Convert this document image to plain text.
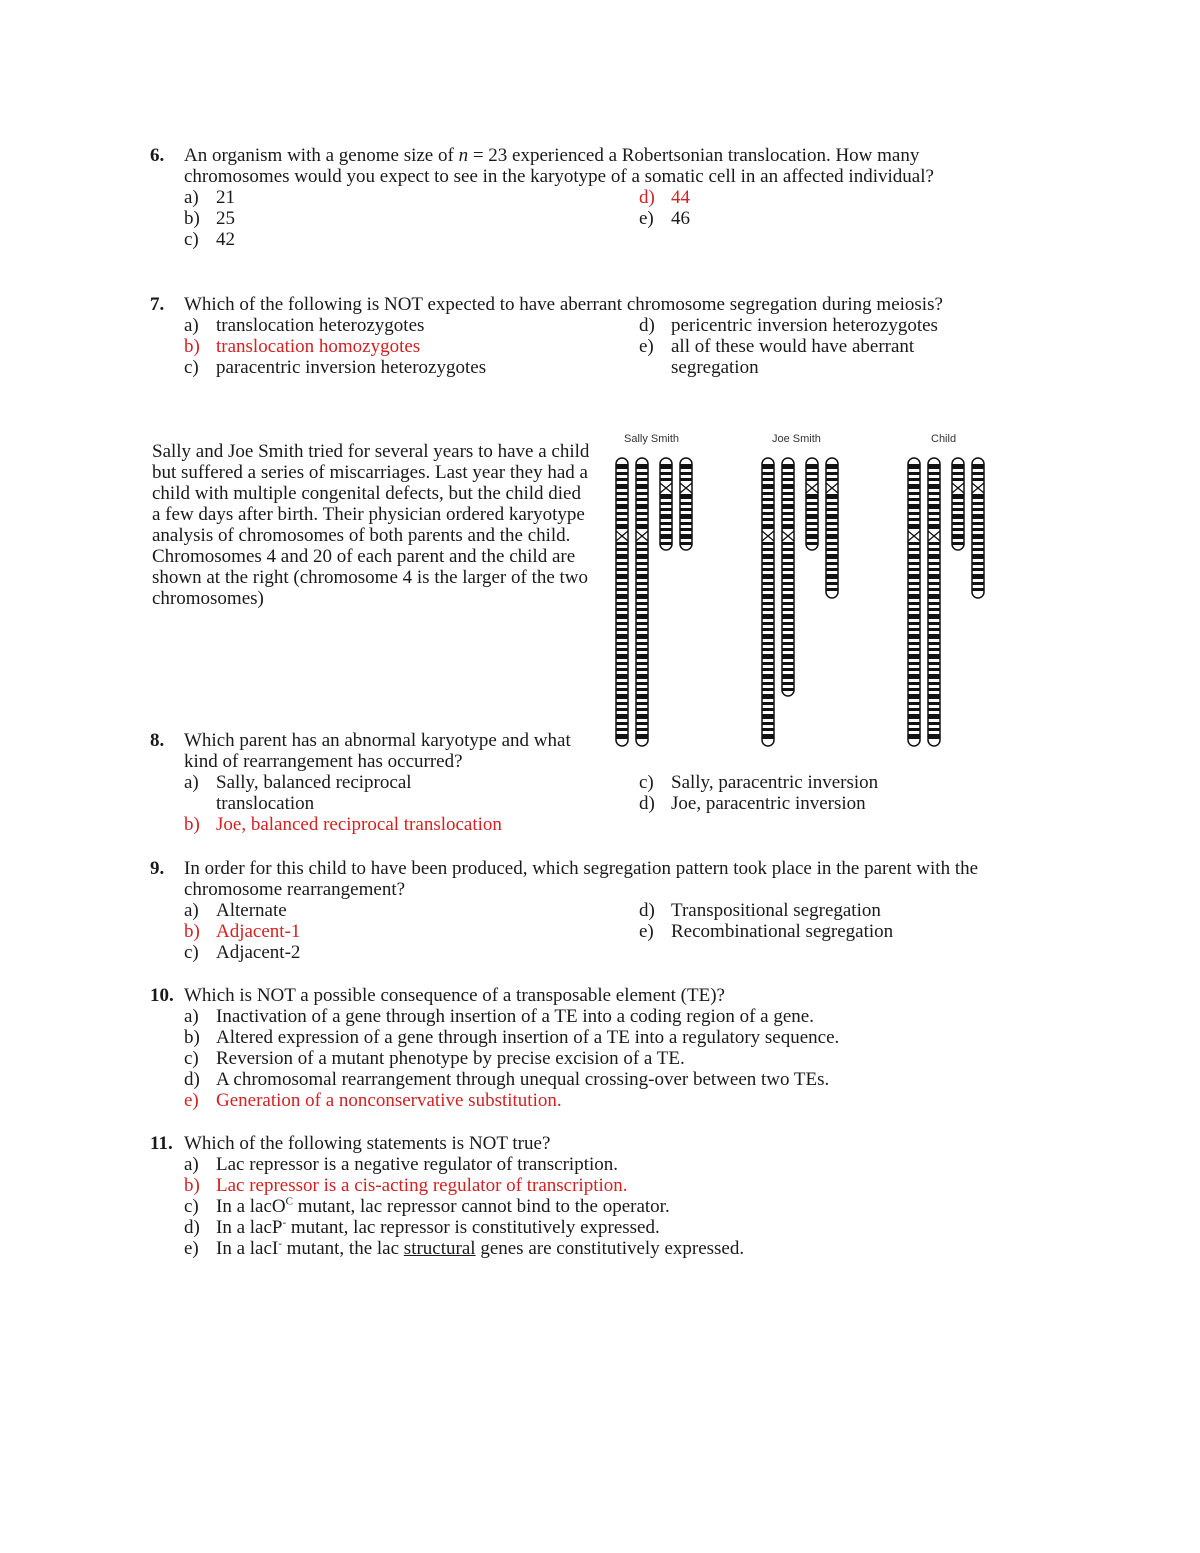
6.	An organism with a genome size of n = 23 experienced a Robertsonian translocation. How many chromosomes would you expect to see in the karyotype of a somatic cell in an affected individual?
a) 21
b) 25
c) 42
d) 44
e) 46
7.	Which of the following is NOT expected to have aberrant chromosome segregation during meiosis?
a) translocation heterozygotes
b) translocation homozygotes
c) paracentric inversion heterozygotes
d) pericentric inversion heterozygotes
e) all of these would have aberrant segregation
Sally and Joe Smith tried for several years to have a child but suffered a series of miscarriages. Last year they had a child with multiple congenital defects, but the child died a few days after birth. Their physician ordered karyotype analysis of chromosomes of both parents and the child. Chromosomes 4 and 20 of each parent and the child are shown at the right (chromosome 4 is the larger of the two chromosomes)
Sally Smith	Joe Smith	Child
8.	Which parent has an abnormal karyotype and what kind of rearrangement has occurred?
a) Sally, balanced reciprocal translocation
b) Joe, balanced reciprocal translocation
c) Sally, paracentric inversion
d) Joe, paracentric inversion
9.	In order for this child to have been produced, which segregation pattern took place in the parent with the chromosome rearrangement?
a) Alternate
b) Adjacent-1
c) Adjacent-2
d) Transpositional segregation
e) Recombinational segregation
10. Which is NOT a possible consequence of a transposable element (TE)?
a) Inactivation of a gene through insertion of a TE into a coding region of a gene.
b) Altered expression of a gene through insertion of a TE into a regulatory sequence.
c) Reversion of a mutant phenotype by precise excision of a TE.
d) A chromosomal rearrangement through unequal crossing-over between two TEs.
e) Generation of a nonconservative substitution.
11. Which of the following statements is NOT true?
a) Lac repressor is a negative regulator of transcription.
b) Lac repressor is a cis-acting regulator of transcription.
c) In a lacO$^C$ mutant, lac repressor cannot bind to the operator.
d) In a lacP- mutant, lac repressor is constitutively expressed.
e) In a lacI- mutant, the lac structural genes are constitutively expressed.
